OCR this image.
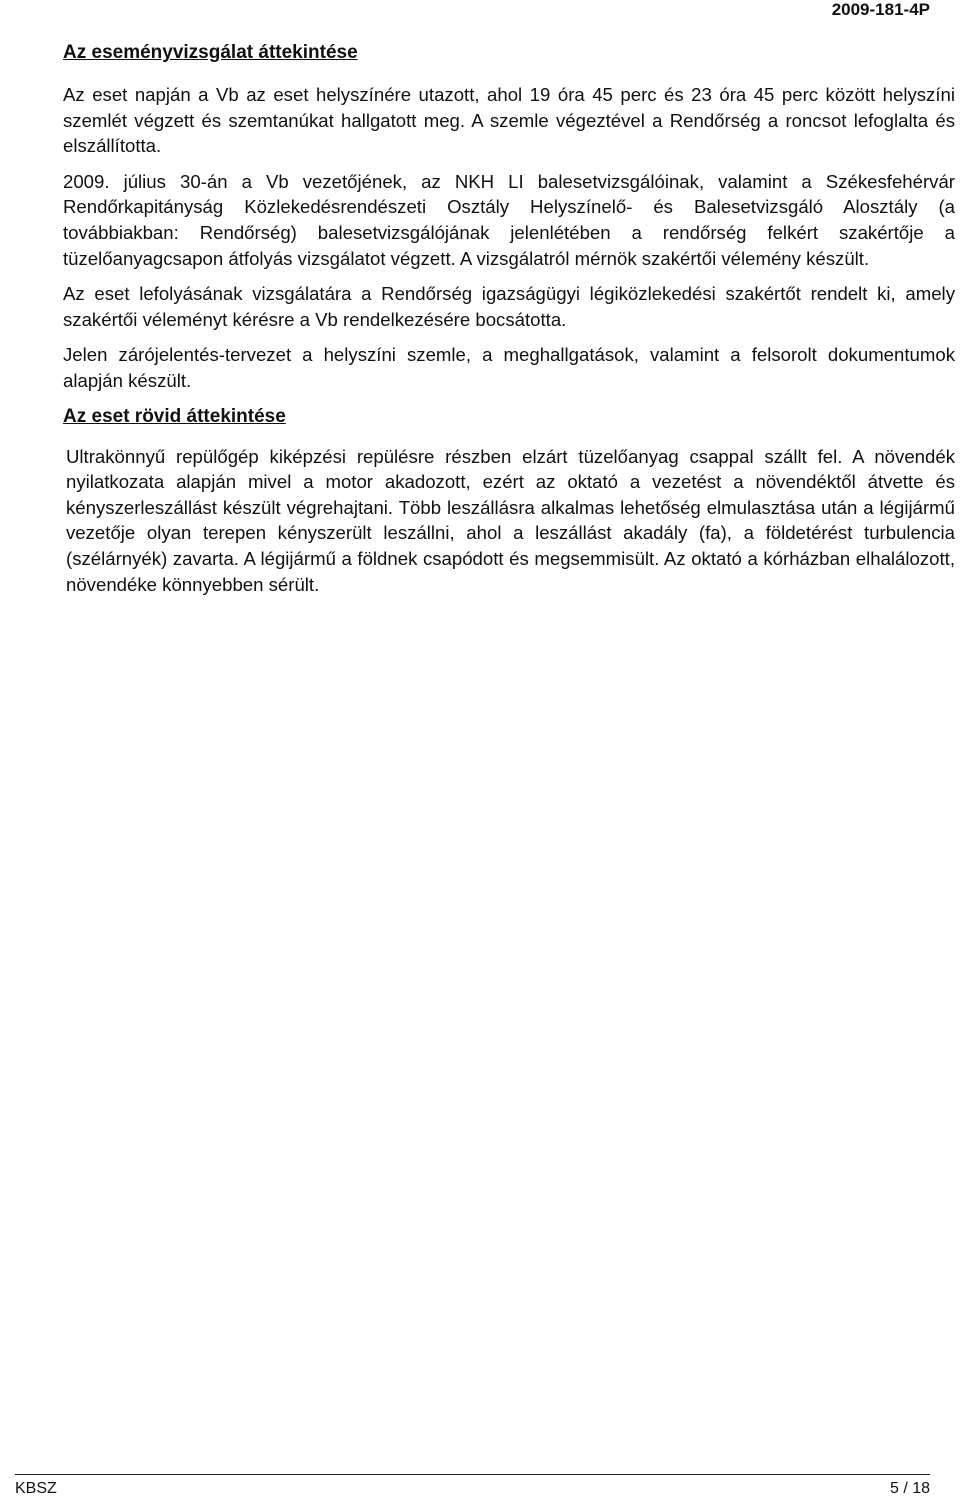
2009-181-4P
Az eseményvizsgálat áttekintése

Az eset napján a Vb az eset helyszínére utazott, ahol 19 óra 45 perc és 23 óra 45 perc között helyszíni szemlét végzett és szemtanúkat hallgatott meg. A szemle végeztével a Rendőrség a roncsot lefoglalta és elszállította.

2009. július 30-án a Vb vezetőjének, az NKH LI balesetvizsgálóinak, valamint a Székesfehérvár Rendőrkapitányság Közlekedésrendészeti Osztály Helyszínelő- és Balesetvizsgáló Alosztály (a továbbiakban: Rendőrség) balesetvizsgálójának jelenlétében a rendőrség felkért szakértője a tüzelőanyagcsapon átfolyás vizsgálatot végzett. A vizsgálatról mérnök szakértői vélemény készült.

Az eset lefolyásának vizsgálatára a Rendőrség igazságügyi légiközlekedési szakértőt rendelt ki, amely szakértői véleményt kérésre a Vb rendelkezésére bocsátotta.

Jelen zárójelentés-tervezet a helyszíni szemle, a meghallgatások, valamint a felsorolt dokumentumok alapján készült.

Az eset rövid áttekintése

Ultrakönnyű repülőgép kiképzési repülésre részben elzárt tüzelőanyag csappal szállt fel. A növendék nyilatkozata alapján mivel a motor akadozott, ezért az oktató a vezetést a növendéktől átvette és kényszerleszállást készült végrehajtani. Több leszállásra alkalmas lehetőség elmulasztása után a légijármű vezetője olyan terepen kényszerült leszállni, ahol a leszállást akadály (fa), a földetérést turbulencia (szélárnyék) zavarta. A légijármű a földnek csapódott és megsemmisült. Az oktató a kórházban elhalálozott, növendéke könnyebben sérült.

KBSZ	5 / 18
